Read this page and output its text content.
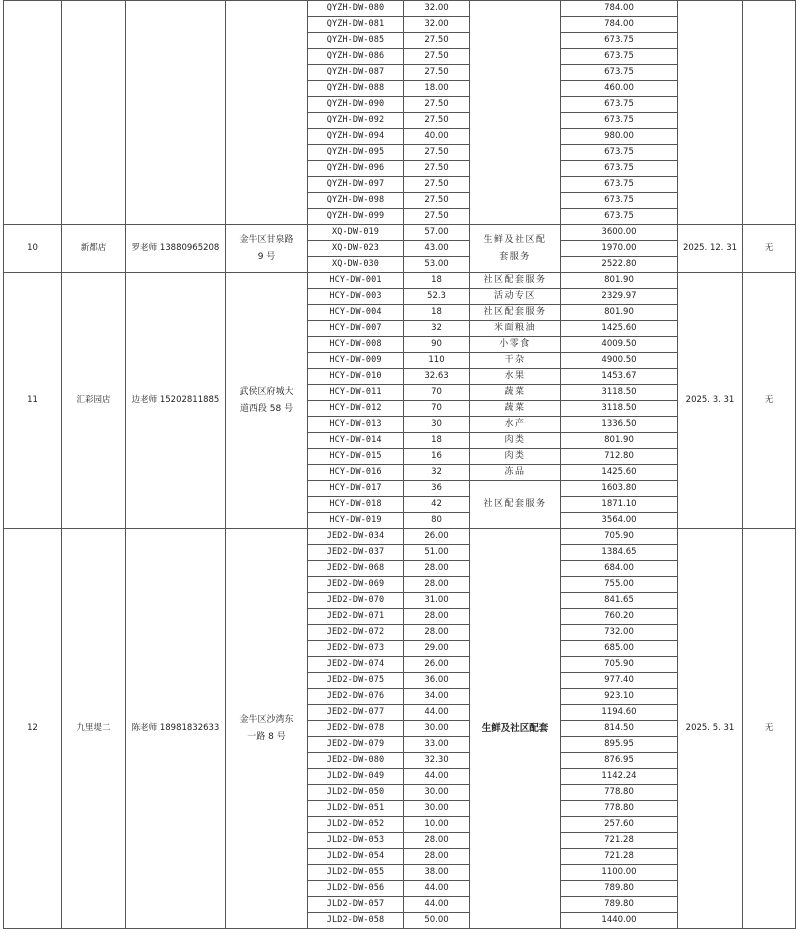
				QYZH-DW-080	32.00		784.00		
				QYZH-DW-081	32.00		784.00		
				QYZH-DW-085	27.50		673.75		
				QYZH-DW-086	27.50		673.75		
				QYZH-DW-087	27.50		673.75		
				QYZH-DW-088	18.00		460.00		
				QYZH-DW-090	27.50		673.75		
				QYZH-DW-092	27.50		673.75		
				QYZH-DW-094	40.00		980.00		
				QYZH-DW-095	27.50		673.75		
				QYZH-DW-096	27.50		673.75		
				QYZH-DW-097	27.50		673.75		
				QYZH-DW-098	27.50		673.75		
				QYZH-DW-099	27.50		673.75		
10	新都店	罗老师 13880965208	金牛区甘泉路 9 号	XQ-DW-019	57.00	生鲜及社区配套服务	3600.00	2025. 12. 31	无
				XQ-DW-023	43.00		1970.00		
				XQ-DW-030	53.00		2522.80		
11	汇彩园店	边老师 15202811885	武侯区府城大道西段 58 号	HCY-DW-001	18	社区配套服务	801.90	2025. 3. 31	无
				HCY-DW-003	52.3	活动专区	2329.97		
				HCY-DW-004	18	社区配套服务	801.90		
				HCY-DW-007	32	米面粮油	1425.60		
				HCY-DW-008	90	小零食	4009.50		
				HCY-DW-009	110	干杂	4900.50		
				HCY-DW-010	32.63	水果	1453.67		
				HCY-DW-011	70	蔬菜	3118.50		
				HCY-DW-012	70	蔬菜	3118.50		
				HCY-DW-013	30	水产	1336.50		
				HCY-DW-014	18	肉类	801.90		
				HCY-DW-015	16	肉类	712.80		
				HCY-DW-016	32	冻品	1425.60		
				HCY-DW-017	36	社区配套服务	1603.80		
				HCY-DW-018	42		1871.10		
				HCY-DW-019	80		3564.00		
12	九里堤二	陈老师 18981832633	金牛区沙湾东一路 8 号	JED2-DW-034	26.00	生鲜及社区配套	705.90	2025. 5. 31	无
				JED2-DW-037	51.00		1384.65		
				JED2-DW-068	28.00		684.00		
				JED2-DW-069	28.00		755.00		
				JED2-DW-070	31.00		841.65		
				JED2-DW-071	28.00		760.20		
				JED2-DW-072	28.00		732.00		
				JED2-DW-073	29.00		685.00		
				JED2-DW-074	26.00		705.90		
				JED2-DW-075	36.00		977.40		
				JED2-DW-076	34.00		923.10		
				JED2-DW-077	44.00		1194.60		
				JED2-DW-078	30.00		814.50		
				JED2-DW-079	33.00		895.95		
				JED2-DW-080	32.30		876.95		
				JLD2-DW-049	44.00		1142.24		
				JLD2-DW-050	30.00		778.80		
				JLD2-DW-051	30.00		778.80		
				JLD2-DW-052	10.00		257.60		
				JLD2-DW-053	28.00		721.28		
				JLD2-DW-054	28.00		721.28		
				JLD2-DW-055	38.00		1100.00		
				JLD2-DW-056	44.00		789.80		
				JLD2-DW-057	44.00		789.80		
				JLD2-DW-058	50.00		1440.00		
